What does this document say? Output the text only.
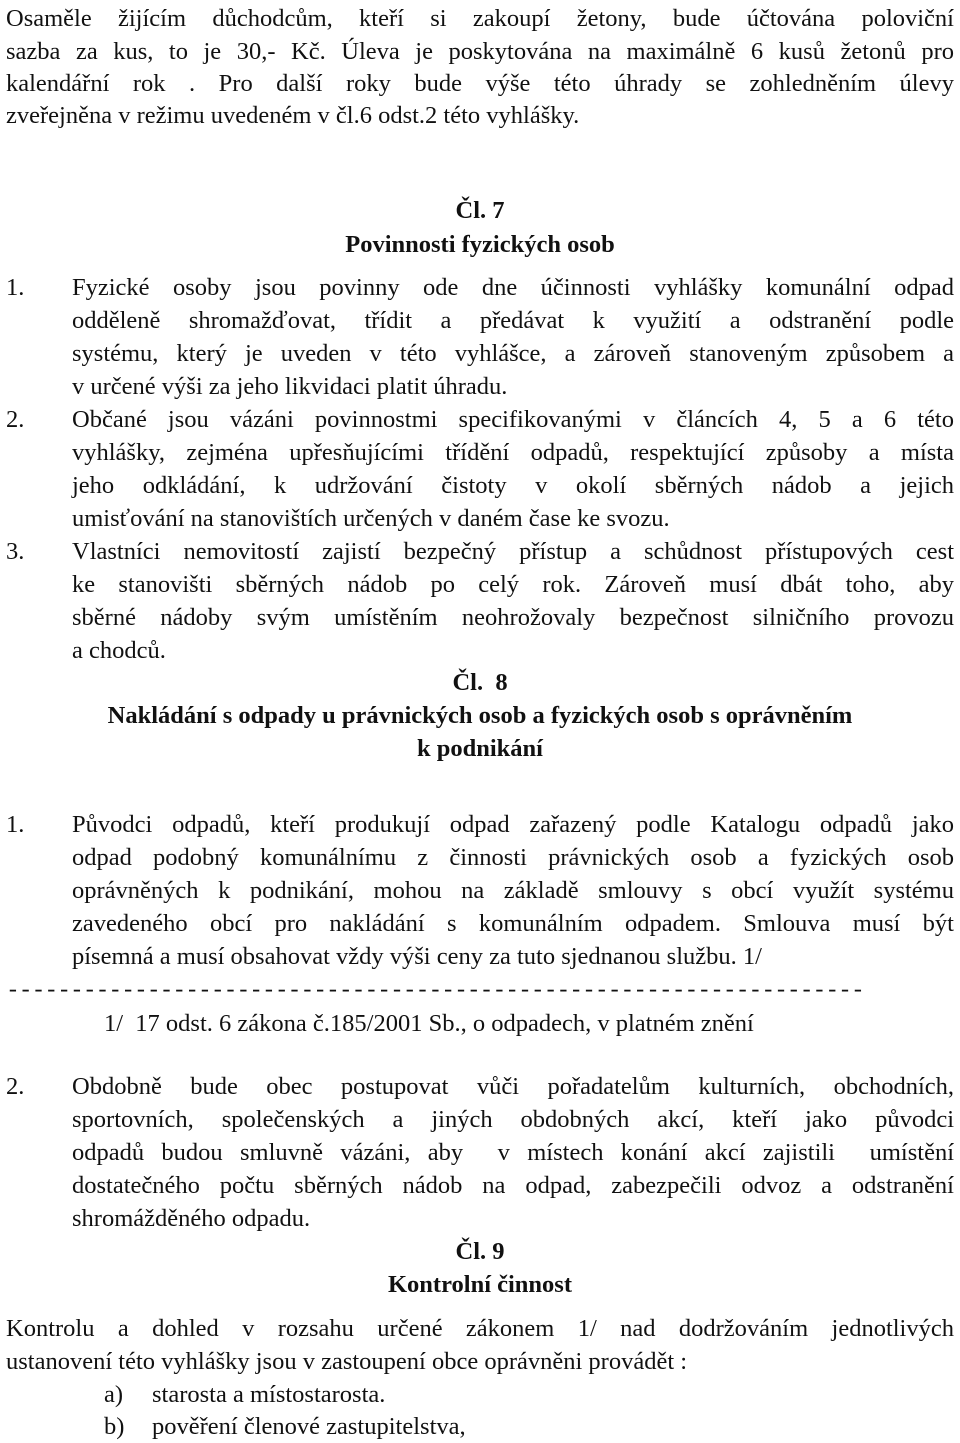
Osaměle žijícím důchodcům, kteří si zakoupí žetony, bude účtována poloviční
sazba za kus, to je 30,- Kč. Úleva je poskytována na maximálně 6 kusů žetonů pro
kalendářní rok . Pro další roky bude výše této úhrady se zohledněním úlevy
zveřejněna v režimu uvedeném v čl.6 odst.2 této vyhlášky.
Čl. 7
Povinnosti fyzických osob
1.	Fyzické osoby jsou povinny ode dne účinnosti vyhlášky komunální odpad
odděleně shromažďovat, třídit a předávat k využití a odstranění podle
systému, který je uveden v této vyhlášce, a zároveň stanoveným způsobem a
v určené výši za jeho likvidaci platit úhradu.
2.	Občané jsou vázáni povinnostmi specifikovanými v článcích 4, 5 a 6 této
vyhlášky, zejména upřesňujícími třídění odpadů, respektující způsoby a místa
jeho odkládání, k udržování čistoty v okolí sběrných nádob a jejich
umisťování na stanovištích určených v daném čase ke svozu.
3.	Vlastníci nemovitostí zajistí bezpečný přístup a schůdnost přístupových cest
ke stanovišti sběrných nádob po celý rok. Zároveň musí dbát toho, aby
sběrné nádoby svým umístěním neohrožovaly bezpečnost silničního provozu
a chodců.
Čl.  8
Nakládání s odpady u právnických osob a fyzických osob s oprávněním
k podnikání
1.	Původci odpadů, kteří produkují odpad zařazený podle Katalogu odpadů jako
odpad podobný komunálnímu z činnosti právnických osob a fyzických osob
oprávněných k podnikání, mohou na základě smlouvy s obcí využít systému
zavedeného obcí pro nakládání s komunálním odpadem. Smlouva musí být
písemná a musí obsahovat vždy výši ceny za tuto sjednanou službu. 1/
-------------------------------------------------------------------
1/  17 odst. 6 zákona č.185/2001 Sb., o odpadech, v platném znění
2.	Obdobně bude obec postupovat vůči pořadatelům kulturních, obchodních,
sportovních, společenských a jiných obdobných akcí, kteří jako původci
odpadů budou smluvně vázáni, aby  v místech konání akcí zajistili  umístění
dostatečného počtu sběrných nádob na odpad, zabezpečili odvoz a odstranění
shromážděného odpadu.
Čl. 9
Kontrolní činnost
Kontrolu a dohled v rozsahu určené zákonem 1/ nad dodržováním jednotlivých
ustanovení této vyhlášky jsou v zastoupení obce oprávněni provádět :
a)	starosta a místostarosta.
b)	pověření členové zastupitelstva,
